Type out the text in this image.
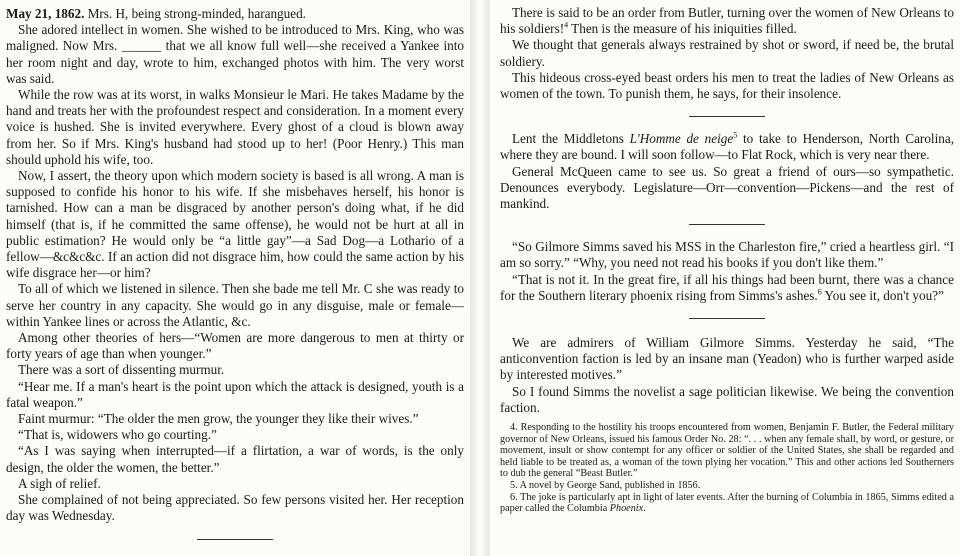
May 21, 1862. Mrs. H, being strong-minded, harangued.

She adored intellect in women. She wished to be introduced to Mrs. King, who was maligned. Now Mrs. ______ that we all know full well—she received a Yankee into her room night and day, wrote to him, exchanged photos with him. The very worst was said.

While the row was at its worst, in walks Monsieur le Mari. He takes Madame by the hand and treats her with the profoundest respect and consideration. In a moment every voice is hushed. She is invited everywhere. Every ghost of a cloud is blown away from her. So if Mrs. King's husband had stood up to her! (Poor Henry.) This man should uphold his wife, too.

Now, I assert, the theory upon which modern society is based is all wrong. A man is supposed to confide his honor to his wife. If she misbehaves herself, his honor is tarnished. How can a man be disgraced by another person's doing what, if he did himself (that is, if he committed the same offense), he would not be hurt at all in public estimation? He would only be “a little gay”—a Sad Dog—a Lothario of a fellow—&c&c&c. If an action did not disgrace him, how could the same action by his wife disgrace her—or him?

To all of which we listened in silence. Then she bade me tell Mr. C she was ready to serve her country in any capacity. She would go in any disguise, male or female—within Yankee lines or across the Atlantic, &c.

Among other theories of hers—“Women are more dangerous to men at thirty or forty years of age than when younger.”

There was a sort of dissenting murmur.

“Hear me. If a man's heart is the point upon which the attack is designed, youth is a fatal weapon.”

Faint murmur: “The older the men grow, the younger they like their wives.”

“That is, widowers who go courting.”

“As I was saying when interrupted—if a flirtation, a war of words, is the only design, the older the women, the better.”

A sigh of relief.

She complained of not being appreciated. So few persons visited her. Her reception day was Wednesday.

There is said to be an order from Butler, turning over the women of New Orleans to his soldiers!$^4$ Then is the measure of his iniquities filled.

We thought that generals always restrained by shot or sword, if need be, the brutal soldiery.

This hideous cross-eyed beast orders his men to treat the ladies of New Orleans as women of the town. To punish them, he says, for their insolence.

Lent the Middletons L'Homme de neige$^5$ to take to Henderson, North Carolina, where they are bound. I will soon follow—to Flat Rock, which is very near there.

General McQueen came to see us. So great a friend of ours—so sympathetic. Denounces everybody. Legislature—Orr—convention—Pickens—and the rest of mankind.

“So Gilmore Simms saved his MSS in the Charleston fire,” cried a heartless girl. “I am so sorry.” “Why, you need not read his books if you don't like them.”

“That is not it. In the great fire, if all his things had been burnt, there was a chance for the Southern literary phoenix rising from Simms's ashes.$^6$ You see it, don't you?”

We are admirers of William Gilmore Simms. Yesterday he said, “The anticonvention faction is led by an insane man (Yeadon) who is further warped aside by interested motives.”

So I found Simms the novelist a sage politician likewise. We being the convention faction.

4. Responding to the hostility his troops encountered from women, Benjamin F. Butler, the Federal military governor of New Orleans, issued his famous Order No. 28: “. . . when any female shall, by word, or gesture, or movement, insult or show contempt for any officer or soldier of the United States, she shall be regarded and held liable to be treated as, a woman of the town plying her vocation.” This and other actions led Southerners to dub the general “Beast Butler.”

5. A novel by George Sand, published in 1856.

6. The joke is particularly apt in light of later events. After the burning of Columbia in 1865, Simms edited a paper called the Columbia Phoenix.
